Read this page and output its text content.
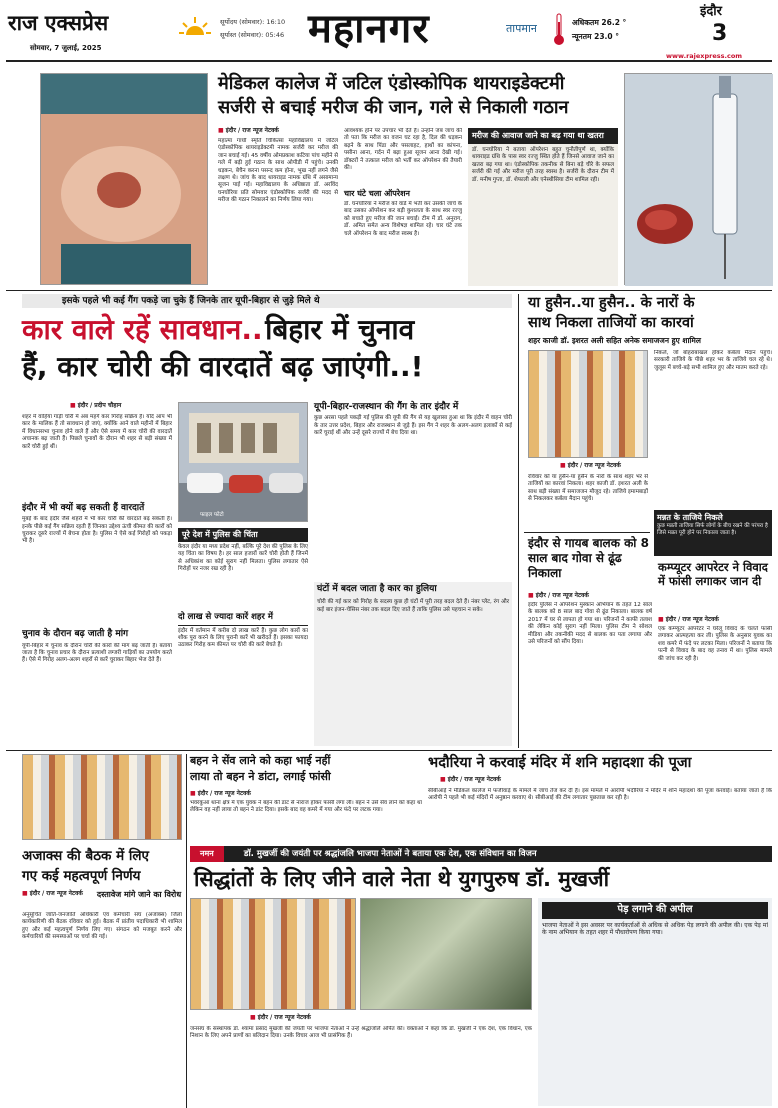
राज एक्सप्रेस
सोमवार, 7 जुलाई, 2025
सूर्योदय (सोमवार): 16:10
सूर्यास्त (सोमवार): 05:46 महानगर	तापमान	अधिकतम 26.2 °
न्यूनतम 23.0 °
इंदौर
3
www.rajexpress.com
मेडिकल कालेज में जटिल एंडोस्कोपिक थायराइडेक्टमी
सर्जरी से बचाई मरीज की जान, गले से निकाली गठान
■ इंदौर / राज न्यूज नेटवर्क
महात्मा गांधी स्मृति चिकित्सा महाविद्यालय में जटिल एंडोस्कोपिक थायराइडेक्टमी नामक सर्जरी कर मरीज की जान बचाई गई। 45 वर्षीय ओमप्रकाश कटिया पांच महीने से गले में बढ़ी हुई गठान के साथ ओपीडी में पहुंचे। उनकी धड़कन, बेचैन करना पसन्द कम होना, भूख नहीं लगने जैसे लक्षण थे। जांच के बाद थायराइड नामक ग्रंथि में असामान्य सूजन पाई गई। महाविद्यालय के अधिष्ठाता डॉ. अरविंद घनघोरिया प्रति सोमवार एंडोस्कोपिक सर्जरी की मदद से मरीज की गठान निकालने का निर्णय लिया गया।
आवश्यक होने पर उपचार भी देते हैं। उन्होंने जब जांच की तो पता कि मरीज का वजन घट रहा है, दिल की धड़कन बढ़ने के साथ पिंडा और पसलाहट, हाथों का कांपना, पसीना आना, गर्दन में बढ़ा हुआ सूजन आना देखी गई। डॉक्टरों ने तत्काल मरीज को भर्ती कर ऑपरेशन की तैयारी की।
चार घंटे चला ऑपरेशन
डॉ. घनघोरिया ने मरीज को वार्ड में भर्ती कर उसकी जांचें के बाद उसका ऑपरेशन कर बड़ी कुशलता के साथ स्वर रज्जु को बचाते हुए मरीज की जान बचाई। टीम में डॉ. अनुराग, डॉ. अमित समेत अन्य विशेषज्ञ शामिल रहे। चार घंटे तक चले ऑपरेशन के बाद मरीज स्वस्थ है।
मरीज की आवाज जाने का बढ़ गया था खतरा
डॉ. घनघोरिया ने बताया ऑपरेशन बहुत चुनौतीपूर्ण था, क्योंकि थायराइड ग्रंथि के पास स्वर रज्जु स्थित होते हैं जिनसे आवाज जाने का खतरा बढ़ गया था। एंडोस्कोपिक तकनीक से बिना बड़े चीरे के सफल सर्जरी की गई और मरीज पूरी तरह स्वस्थ है। सर्जरी के दौरान टीम में डॉ. मनीष गुप्ता, डॉ. शेफाली और एनेस्थीसिया टीम शामिल रही।
इसके पहले भी कई गैंग पकड़े जा चुके हैं जिनके तार यूपी-बिहार से जुड़े मिले थे
कार वाले रहें सावधान.. बिहार में चुनाव
हैं, कार चोरी की वारदातें बढ़ जाएंगी..!
■ इंदौर / प्रदीप चौहान
शहर में वाहिया गाड़ी चोरी में अब महंगे कार गिरोह सक्रिय हैं। यदि आप भी कार के मालिक हैं तो सावधान हो जाएं, क्योंकि आने वाले महीनों में बिहार में विधानसभा चुनाव होने वाले हैं और ऐसे समय में कार चोरी की वारदातें अचानक बढ़ जाती हैं। पिछले चुनावों के दौरान भी शहर से बड़ी संख्या में कारें चोरी हुई थीं।
इंदौर में भी क्यों बढ़ सकती हैं वारदातें
मुंबई के बाद इंदौर जैसे शहरों में भी कार चोरी की वारदातें बढ़ सकती हैं। इनके पीछे कई गैंग सक्रिय रहती हैं जिनका उद्देश्य ऊंची कीमत की कारों को चुराकर दूसरे राज्यों में बेचना होता है। पुलिस ने ऐसे कई गिरोहों को पकड़ा भी है।
चुनाव के दौरान बढ़ जाती है मांग
यूपी-बिहार में चुनाव के दौरान चोरी की कारों की मांग बढ़ जाती है। बताया जाता है कि चुनाव प्रचार के दौरान प्रत्याशी लग्जरी गाड़ियों का उपयोग करते हैं। ऐसे में गिरोह अलग-अलग शहरों से कारें चुराकर बिहार भेज देते हैं।
फाइल फोटो
पूरे देश में पुलिस की चिंता
केवल इंदौर या मध्य प्रदेश नहीं, बल्कि पूरे देश की पुलिस के लिए यह चिंता का विषय है। हर साल हजारों कारें चोरी होती हैं जिनमें से अधिकांश का कोई सुराग नहीं मिलता। पुलिस लगातार ऐसे गिरोहों पर नजर रख रही है।
दो लाख से ज्यादा कारें शहर में
इंदौर में वर्तमान में करीब दो लाख कारें हैं। कुछ लोग कारों का शौक पूरा करने के लिए पुरानी कारें भी खरीदते हैं। इसका फायदा उठाकर गिरोह कम कीमत पर चोरी की कारें बेचते हैं।
यूपी-बिहार-राजस्थान की गैंग के तार इंदौर में
कुछ अरसा पहले पकड़ी गई पुलिस की यूपी की गैंग से यह खुलासा हुआ था कि इंदौर में वाहन चोरी के तार उत्तर प्रदेश, बिहार और राजस्थान से जुड़े हैं। इस गैंग ने शहर के अलग-अलग इलाकों से कई कारें चुराई थीं और उन्हें दूसरे राज्यों में बेच दिया था।
घंटों में बदल जाता है कार का हुलिया
चोरी की गई कार को गिरोह के सदस्य कुछ ही घंटों में पूरी तरह बदल देते हैं। नंबर प्लेट, रंग और कई बार इंजन-चेसिस नंबर तक बदल दिए जाते हैं ताकि पुलिस उसे पहचान न सके।
या हुसैन..या हुसैन.. के नारों के
साथ निकला ताजियों का कारवां
शहर काजी डॉ. इशरत अली सहित अनेक समाजजन हुए शामिल
■ इंदौर / राज न्यूज नेटवर्क
रविवार को या हुसैन-या हुसैन के नारों के साथ शहर भर से ताजियों का कारवां निकला। शहर काजी डॉ. इशरत अली के साथ बड़ी संख्या में समाजजन मौजूद रहे। ताजिये इमामबाड़ों से निकलकर कर्बला मैदान पहुंचे।
निकले, जो बोहराबाखल होकर कर्बला मैदान पहुंचे। सरकारी ताजिये के पीछे शहर भर के ताजिये चल रहे थे। जुलूस में बच्चे-बड़े सभी शामिल हुए और मातम करते रहे।
मन्नत के ताजिये निकले
कुछ मन्नती ताजिया सिर्फ लोगों के बीच रखने की परंपरा है जिसे मन्नत पूरी होने पर निकाला जाता है।
इंदौर से गायब बालक को 8 साल बाद गोवा से ढूंढ निकाला
■ इंदौर / राज न्यूज नेटवर्क
इंदौर पुलिस ने ऑपरेशन मुस्कान अभियान के तहत 12 साल के बालक को 8 साल बाद गोवा से ढूंढ निकाला। बालक वर्ष 2017 में घर से लापता हो गया था। परिजनों ने काफी तलाश की लेकिन कोई सुराग नहीं मिला। पुलिस टीम ने सोशल मीडिया और तकनीकी मदद से बालक का पता लगाया और उसे परिजनों को सौंप दिया।
कम्प्यूटर आपरेटर ने विवाद में फांसी लगाकर जान दी
■ इंदौर / राज न्यूज नेटवर्क
एक कम्प्यूटर आपरेटर ने घरेलू विवाद के चलते फांसी लगाकर आत्महत्या कर ली। पुलिस के अनुसार युवक का शव कमरे में फंदे पर लटका मिला। परिजनों ने बताया कि पत्नी से विवाद के बाद वह तनाव में था। पुलिस मामले की जांच कर रही है।
बहन ने सेंव लाने को कहा भाई नहीं
लाया तो बहन ने डांटा, लगाई फांसी
■ इंदौर / राज न्यूज नेटवर्क
भंवरकुआं थाना क्षेत्र में एक युवक ने बहन की डांट से नाराज होकर फांसी लगा ली। बहन ने उसे सेंव लाने को कहा था लेकिन वह नहीं लाया तो बहन ने डांट दिया। इसके बाद वह कमरे में गया और फंदे पर लटक गया।
अजाक्स की बैठक में लिए
गए कई महत्वपूर्ण निर्णय
■ इंदौर / राज न्यूज नेटवर्क दस्तावेज मांगे जाने का विरोध
अनुसूचित जाति-जनजाति अधिकारी एवं कर्मचारी संघ (अजाक्स) जिला कार्यकारिणी की बैठक रविवार को हुई। बैठक में प्रांतीय पदाधिकारी भी शामिल हुए और कई महत्वपूर्ण निर्णय लिए गए। संगठन को मजबूत करने और कर्मचारियों की समस्याओं पर चर्चा की गई।
भदौरिया ने करवाई मंदिर में शनि महादशा की पूजा
■ इंदौर / राज न्यूज नेटवर्क
सीबीआई ने मेडिकल कालेज में फर्जीवाड़े के मामले में जांच तेज कर दी है। इस मामले में आरोपी भदौरिया ने मंदिर में शनि महादशा की पूजा करवाई। बताया जाता है कि आरोपी ने पहले भी कई मंदिरों में अनुष्ठान करवाए थे। सीबीआई की टीम लगातार पूछताछ कर रही है।
नमन	डॉ. मुखर्जी की जयंती पर श्रद्धांजलि भाजपा नेताओं ने बताया एक देश, एक संविधान का विजन
सिद्धांतों के लिए जीने वाले नेता थे युगपुरुष डॉ. मुखर्जी
■ इंदौर / राज न्यूज नेटवर्क
जनसंघ के संस्थापक डॉ. श्यामा प्रसाद मुखर्जी की जयंती पर भाजपा नेताओं ने उन्हें श्रद्धांजलि अर्पित की। वक्ताओं ने कहा कि डॉ. मुखर्जी ने एक देश, एक विधान, एक निशान के लिए अपने प्राणों का बलिदान दिया। उनके विचार आज भी प्रासंगिक हैं।
पेड़ लगाने की अपील
भाजपा नेताओं ने इस अवसर पर कार्यकर्ताओं से अधिक से अधिक पेड़ लगाने की अपील की। एक पेड़ मां के नाम अभियान के तहत शहर में पौधारोपण किया गया।
